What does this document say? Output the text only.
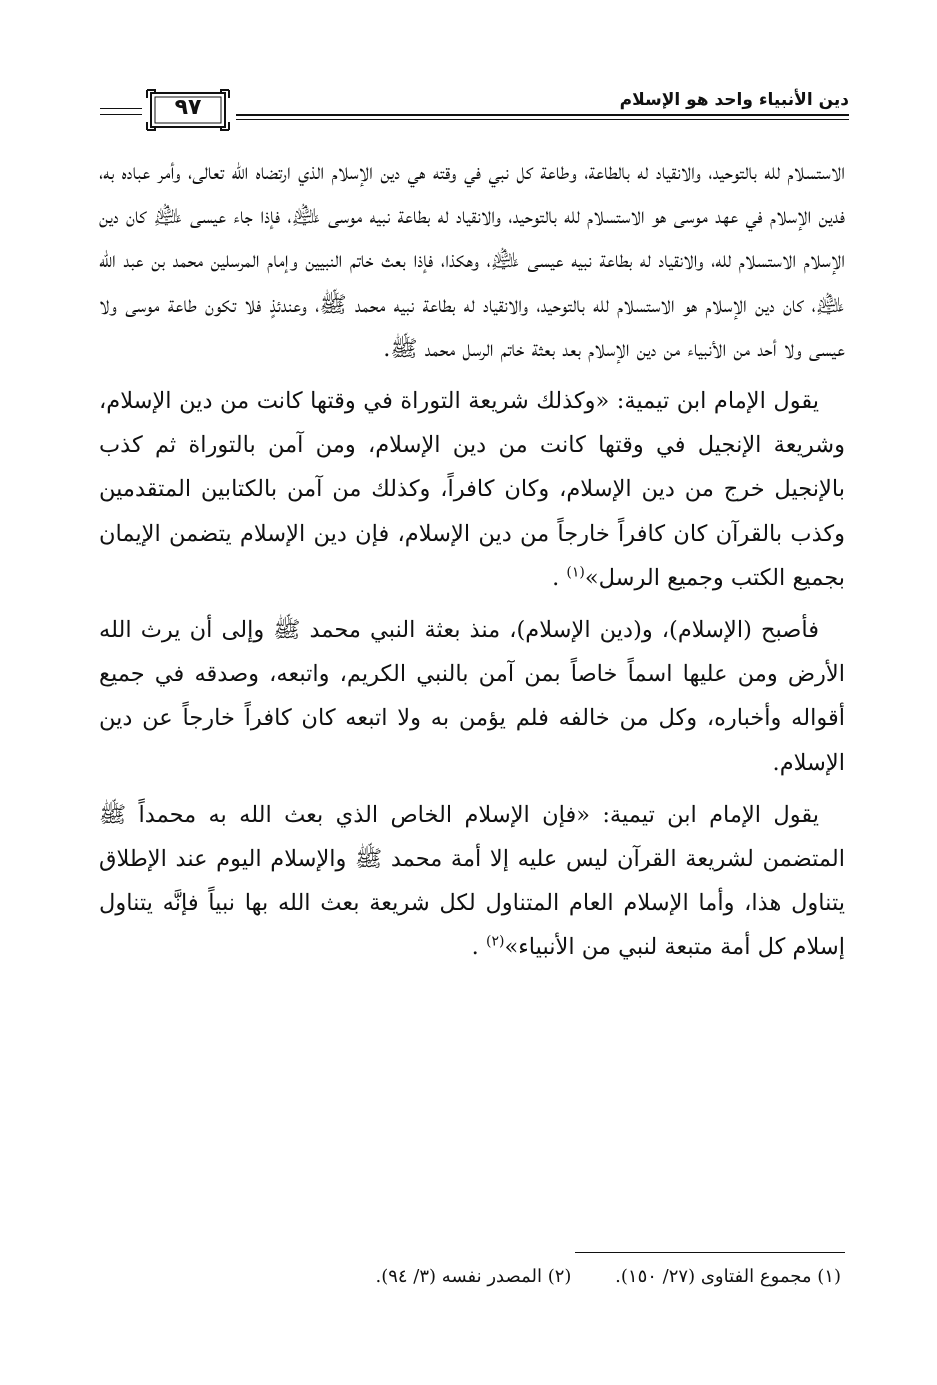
دين الأنبياء واحد هو الإسلام
٩٧

الاستسلام لله بالتوحيد، والانقياد له بالطاعة، وطاعة كل نبي في وقته هي دين الإسلام الذي ارتضاه الله تعالى، وأمر عباده به، فدين الإسلام في عهد موسى هو الاستسلام لله بالتوحيد، والانقياد له بطاعة نبيه موسى ﵇، فإذا جاء عيسى ﵇ كان دين الإسلام الاستسلام لله، والانقياد له بطاعة نبيه عيسى ﵇، وهكذا، فإذا بعث خاتم النبيين وإمام المرسلين محمد بن عبد الله ﵇، كان دين الإسلام هو الاستسلام لله بالتوحيد، والانقياد له بطاعة نبيه محمد ﷺ، وعندئذٍ فلا تكون طاعة موسى ولا عيسى ولا أحد من الأنبياء من دين الإسلام بعد بعثة خاتم الرسل محمد ﷺ.

يقول الإمام ابن تيمية: «وكذلك شريعة التوراة في وقتها كانت من دين الإسلام، وشريعة الإنجيل في وقتها كانت من دين الإسلام، ومن آمن بالتوراة ثم كذب بالإنجيل خرج من دين الإسلام، وكان كافراً، وكذلك من آمن بالكتابين المتقدمين وكذب بالقرآن كان كافراً خارجاً من دين الإسلام، فإن دين الإسلام يتضمن الإيمان بجميع الكتب وجميع الرسل»$^{(١)}$ .

فأصبح (الإسلام)، و(دين الإسلام)، منذ بعثة النبي محمد ﷺ وإلى أن يرث الله الأرض ومن عليها اسماً خاصاً بمن آمن بالنبي الكريم، واتبعه، وصدقه في جميع أقواله وأخباره، وكل من خالفه فلم يؤمن به ولا اتبعه كان كافراً خارجاً عن دين الإسلام.

يقول الإمام ابن تيمية: «فإن الإسلام الخاص الذي بعث الله به محمداً ﷺ المتضمن لشريعة القرآن ليس عليه إلا أمة محمد ﷺ والإسلام اليوم عند الإطلاق يتناول هذا، وأما الإسلام العام المتناول لكل شريعة بعث الله بها نبياً فإنَّه يتناول إسلام كل أمة متبعة لنبي من الأنبياء»$^{(٢)}$ .

(١) مجموع الفتاوى (٢٧/ ١٥٠). (٢) المصدر نفسه (٣/ ٩٤).
